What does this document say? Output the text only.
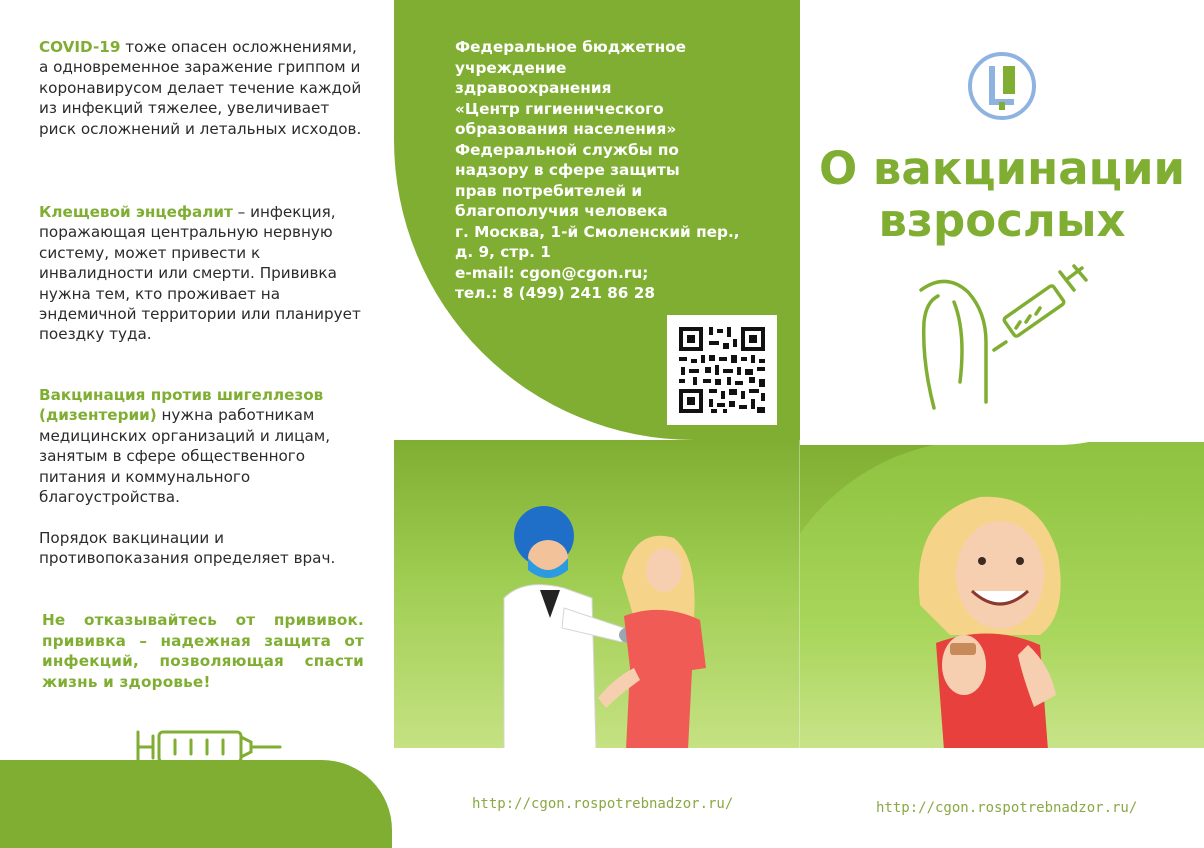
COVID-19 тоже опасен осложнениями, а одновременное заражение гриппом и коронавирусом делает течение каждой из инфекций тяжелее, увеличивает риск осложнений и летальных исходов.

Клещевой энцефалит – инфекция, поражающая центральную нервную систему, может привести к инвалидности или смерти. Прививка нужна тем, кто проживает на эндемичной территории или планирует поездку туда.

Вакцинация против шигеллезов (дизентерии) нужна работникам медицинских организаций и лицам, занятым в сфере общественного питания и коммунального благоустройства.

Порядок вакцинации и противопоказания определяет врач.

Не отказывайтесь от прививок. прививка – надежная защита от инфекций, позволяющая спасти жизнь и здоровье!
Федеральное бюджетное
учреждение
здравоохранения
«Центр гигиенического
образования населения»
Федеральной службы по
надзору в сфере защиты
прав потребителей и
благополучия человека
г. Москва, 1-й Смоленский пер.,
д. 9, стр. 1
e-mail: cgon@cgon.ru;
тел.: 8 (499) 241 86 28
О вакцинации
взрослых
http://cgon.rospotrebnadzor.ru/	http://cgon.rospotrebnadzor.ru/
